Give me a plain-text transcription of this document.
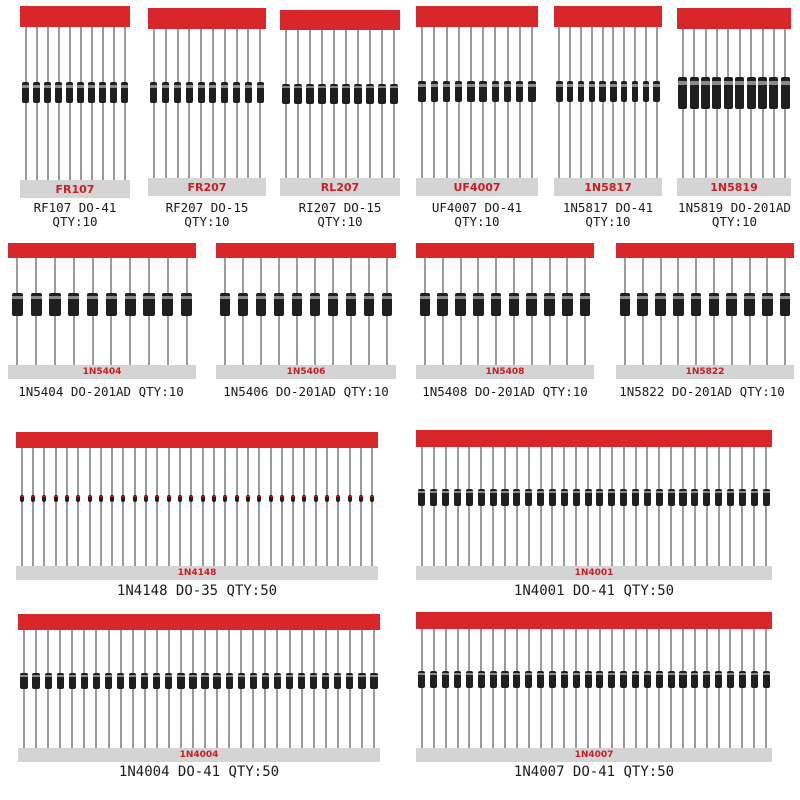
FR107
RF107 DO-41
QTY:10
FR207
RF207 DO-15
QTY:10
RL207
RI207 DO-15
QTY:10
UF4007
UF4007 DO-41
QTY:10
1N5817
1N5817 DO-41
QTY:10
1N5819
1N5819 DO-201AD
QTY:10
1N5404
1N5404 DO-201AD QTY:10
1N5406
1N5406 DO-201AD QTY:10
1N5408
1N5408 DO-201AD QTY:10
1N5822
1N5822 DO-201AD QTY:10
1N4148
1N4148 DO-35 QTY:50
1N4001
1N4001 DO-41 QTY:50
1N4004
1N4004 DO-41 QTY:50
1N4007
1N4007 DO-41 QTY:50
